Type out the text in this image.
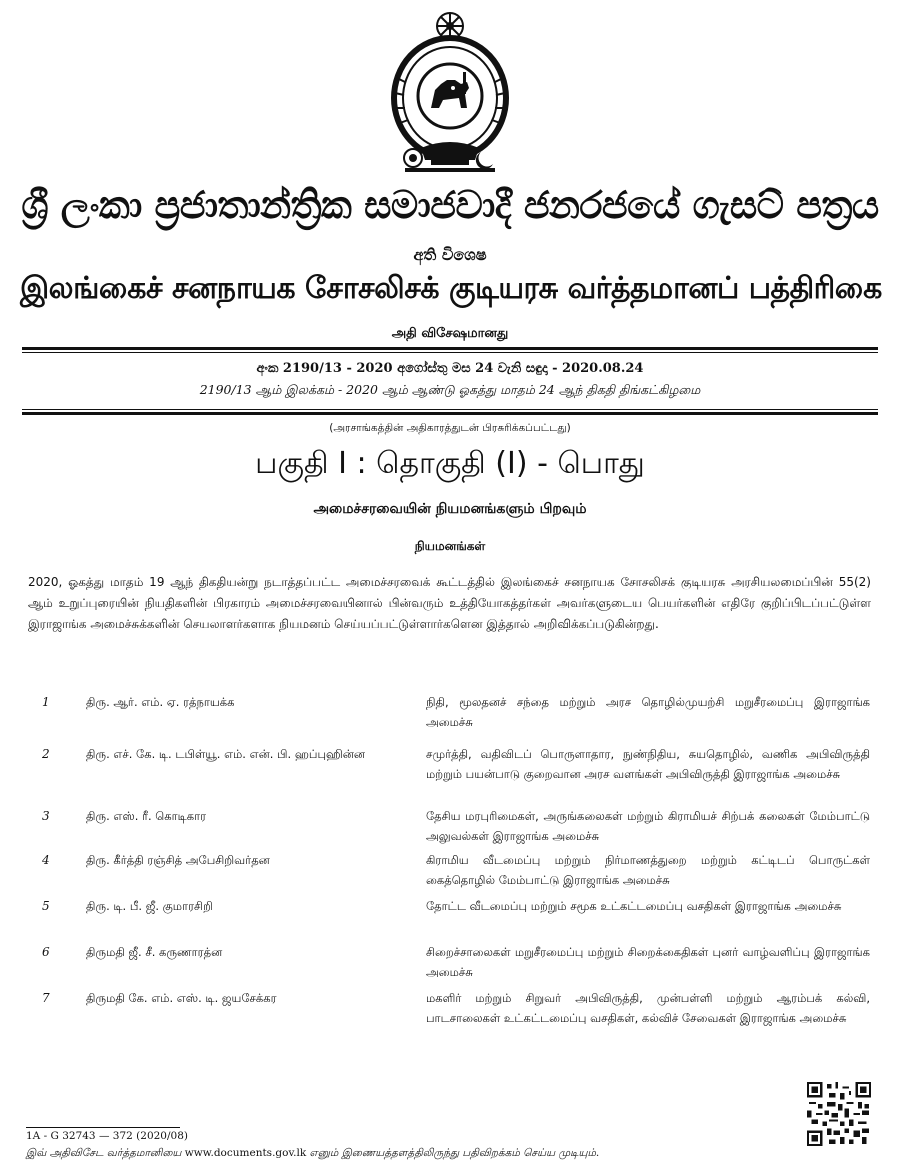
ශ්‍රී ලංකා ප්‍රජාතාන්ත්‍රික සමාජවාදී ජනරජයේ ගැසට් පත්‍රය
අති විශෙෂ
இலங்கைச் சனநாயக சோசலிசக் குடியரசு வர்த்தமானப் பத்திரிகை
அதி விசேஷமானது
අංක 2190/13 - 2020 අගෝස්තු මස 24 වැනි සඳුදා - 2020.08.24
2190/13 ஆம் இலக்கம் - 2020 ஆம் ஆண்டு ஓகத்து மாதம் 24 ஆந் திகதி திங்கட்கிழமை
(அரசாங்கத்தின் அதிகாரத்துடன் பிரசுரிக்கப்பட்டது)
பகுதி I : தொகுதி (I) - பொது
அமைச்சரவையின் நியமனங்களும் பிறவும்
நியமனங்கள்

2020, ஓகத்து மாதம் 19 ஆந் திகதியன்று நடாத்தப்பட்ட அமைச்சரவைக் கூட்டத்தில் இலங்கைச் சனநாயக சோசலிசக் குடியரசு அரசியலமைப்பின் 55(2) ஆம் உறுப்புரையின் நியதிகளின் பிரகாரம் அமைச்சரவையினால் பின்வரும் உத்தியோகத்தர்கள் அவர்களுடைய பெயர்களின் எதிரே குறிப்பிடப்பட்டுள்ள இராஜாங்க அமைச்சுக்களின் செயலாளர்களாக நியமனம் செய்யப்பட்டுள்ளார்களென இத்தால் அறிவிக்கப்படுகின்றது.

1	திரு. ஆர். எம். ஏ. ரத்நாயக்க	நிதி, மூலதனச் சந்தை மற்றும் அரச தொழில்முயற்சி மறுசீரமைப்பு இராஜாங்க அமைச்சு
2	திரு. எச். கே. டி. டபிள்யூ. எம். என். பி. ஹப்புஹின்ன	சமுர்த்தி, வதிவிடப் பொருளாதார, நுண்நிதிய, சுயதொழில், வணிக அபிவிருத்தி மற்றும் பயன்பாடு குறைவான அரச வளங்கள் அபிவிருத்தி இராஜாங்க அமைச்சு
3	திரு. எஸ். ரீ. கொடிகார	தேசிய மரபுரிமைகள், அருங்கலைகள் மற்றும் கிராமியச் சிற்பக் கலைகள் மேம்பாட்டு அலுவல்கள் இராஜாங்க அமைச்சு
4	திரு. கீர்த்தி ரஞ்சித் அபேசிறிவர்தன	கிராமிய வீடமைப்பு மற்றும் நிர்மாணத்துறை மற்றும் கட்டிடப் பொருட்கள் கைத்தொழில் மேம்பாட்டு இராஜாங்க அமைச்சு
5	திரு. டி. பீ. ஜீ. குமாரசிறி	தோட்ட வீடமைப்பு மற்றும் சமூக உட்கட்டமைப்பு வசதிகள் இராஜாங்க அமைச்சு
6	திருமதி ஜீ. சீ. கருணாரத்ன	சிறைச்சாலைகள் மறுசீரமைப்பு மற்றும் சிறைக்கைதிகள் புனர் வாழ்வளிப்பு இராஜாங்க அமைச்சு
7	திருமதி கே. எம். எஸ். டி. ஜயசேக்கர	மகளிர் மற்றும் சிறுவர் அபிவிருத்தி, முன்பள்ளி மற்றும் ஆரம்பக் கல்வி, பாடசாலைகள் உட்கட்டமைப்பு வசதிகள், கல்விச் சேவைகள் இராஜாங்க அமைச்சு
1A - G 32743 — 372 (2020/08)
இவ் அதிவிசேட வர்த்தமானியை www.documents.gov.lk எனும் இணையத்தளத்திலிருந்து பதிவிறக்கம் செய்ய முடியும்.
